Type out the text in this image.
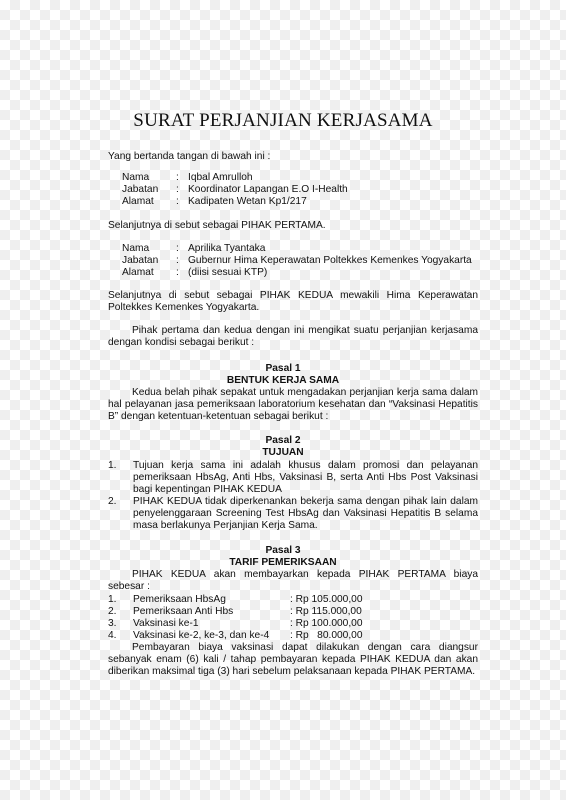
SURAT PERJANJIAN KERJASAMA
Yang bertanda tangan di bawah ini :
Nama	: Iqbal Amrulloh
Jabatan : Koordinator Lapangan E.O I-Health
Alamat : Kadipaten Wetan Kp1/217
Selanjutnya di sebut sebagai PIHAK PERTAMA.
Nama	: Aprilika Tyantaka
Jabatan : Gubernur Hima Keperawatan Poltekkes Kemenkes Yogyakarta
Alamat : (diisi sesuai KTP)

Selanjutnya di sebut sebagai PIHAK KEDUA mewakili Hima Keperawatan Poltekkes Kemenkes Yogyakarta.

Pihak pertama dan kedua dengan ini mengikat suatu perjanjian kerjasama dengan kondisi sebagai berikut :

Pasal 1
BENTUK KERJA SAMA

Kedua belah pihak sepakat untuk mengadakan perjanjian kerja sama dalam hal pelayanan jasa pemeriksaan laboratorium kesehatan dan “Vaksinasi Hepatitis B” dengan ketentuan-ketentuan sebagai berikut :

Pasal 2
TUJUAN
1. Tujuan kerja sama ini adalah khusus dalam promosi dan pelayanan pemeriksaan HbsAg, Anti Hbs, Vaksinasi B, serta Anti Hbs Post Vaksinasi bagi kepentingan PIHAK KEDUA
2. PIHAK KEDUA tidak diperkenankan bekerja sama dengan pihak lain dalam penyelenggaraan Screening Test HbsAg dan Vaksinasi Hepatitis B selama masa berlakunya Perjanjian Kerja Sama.
Pasal 3
TARIF PEMERIKSAAN

PIHAK KEDUA akan membayarkan kepada PIHAK PERTAMA biaya sebesar :

1. Pemeriksaan HbsAg	: Rp 105.000,00
2. Pemeriksaan Anti Hbs	: Rp 115.000,00
3. Vaksinasi ke-1	: Rp 100.000,00
4. Vaksinasi ke-2, ke-3, dan ke-4 : Rp   80.000,00

Pembayaran biaya vaksinasi dapat dilakukan dengan cara diangsur sebanyak enam (6) kali / tahap pembayaran kepada PIHAK KEDUA dan akan diberikan maksimal tiga (3) hari sebelum pelaksanaan kepada PIHAK PERTAMA.
